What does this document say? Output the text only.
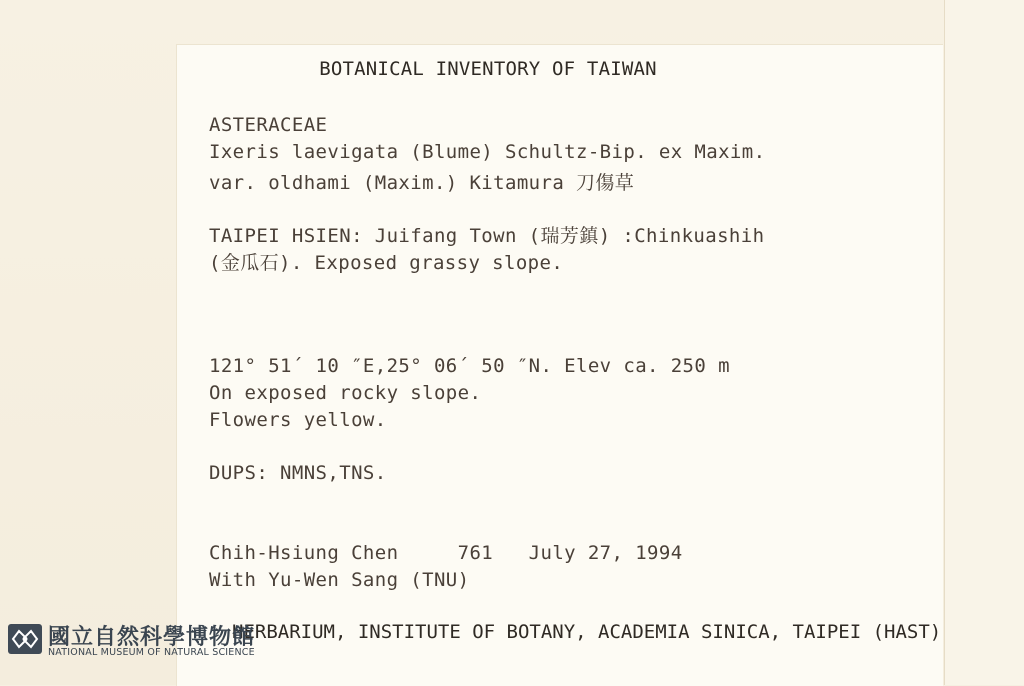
BOTANICAL INVENTORY OF TAIWAN
ASTERACEAE
Ixeris laevigata (Blume) Schultz-Bip. ex Maxim.
var. oldhami (Maxim.) Kitamura 刀傷草
TAIPEI HSIEN: Juifang Town (瑞芳鎮) :Chinkuashih
(金瓜石). Exposed grassy slope.
121° 51´ 10 ″E,25° 06´ 50 ″N. Elev ca. 250 m
On exposed rocky slope.
Flowers yellow.
DUPS: NMNS,TNS.
Chih-Hsiung Chen     761   July 27, 1994
With Yu-Wen Sang (TNU)
HERBARIUM, INSTITUTE OF BOTANY, ACADEMIA SINICA, TAIPEI (HAST)
國立自然科學博物館
NATIONAL MUSEUM OF NATURAL SCIENCE
